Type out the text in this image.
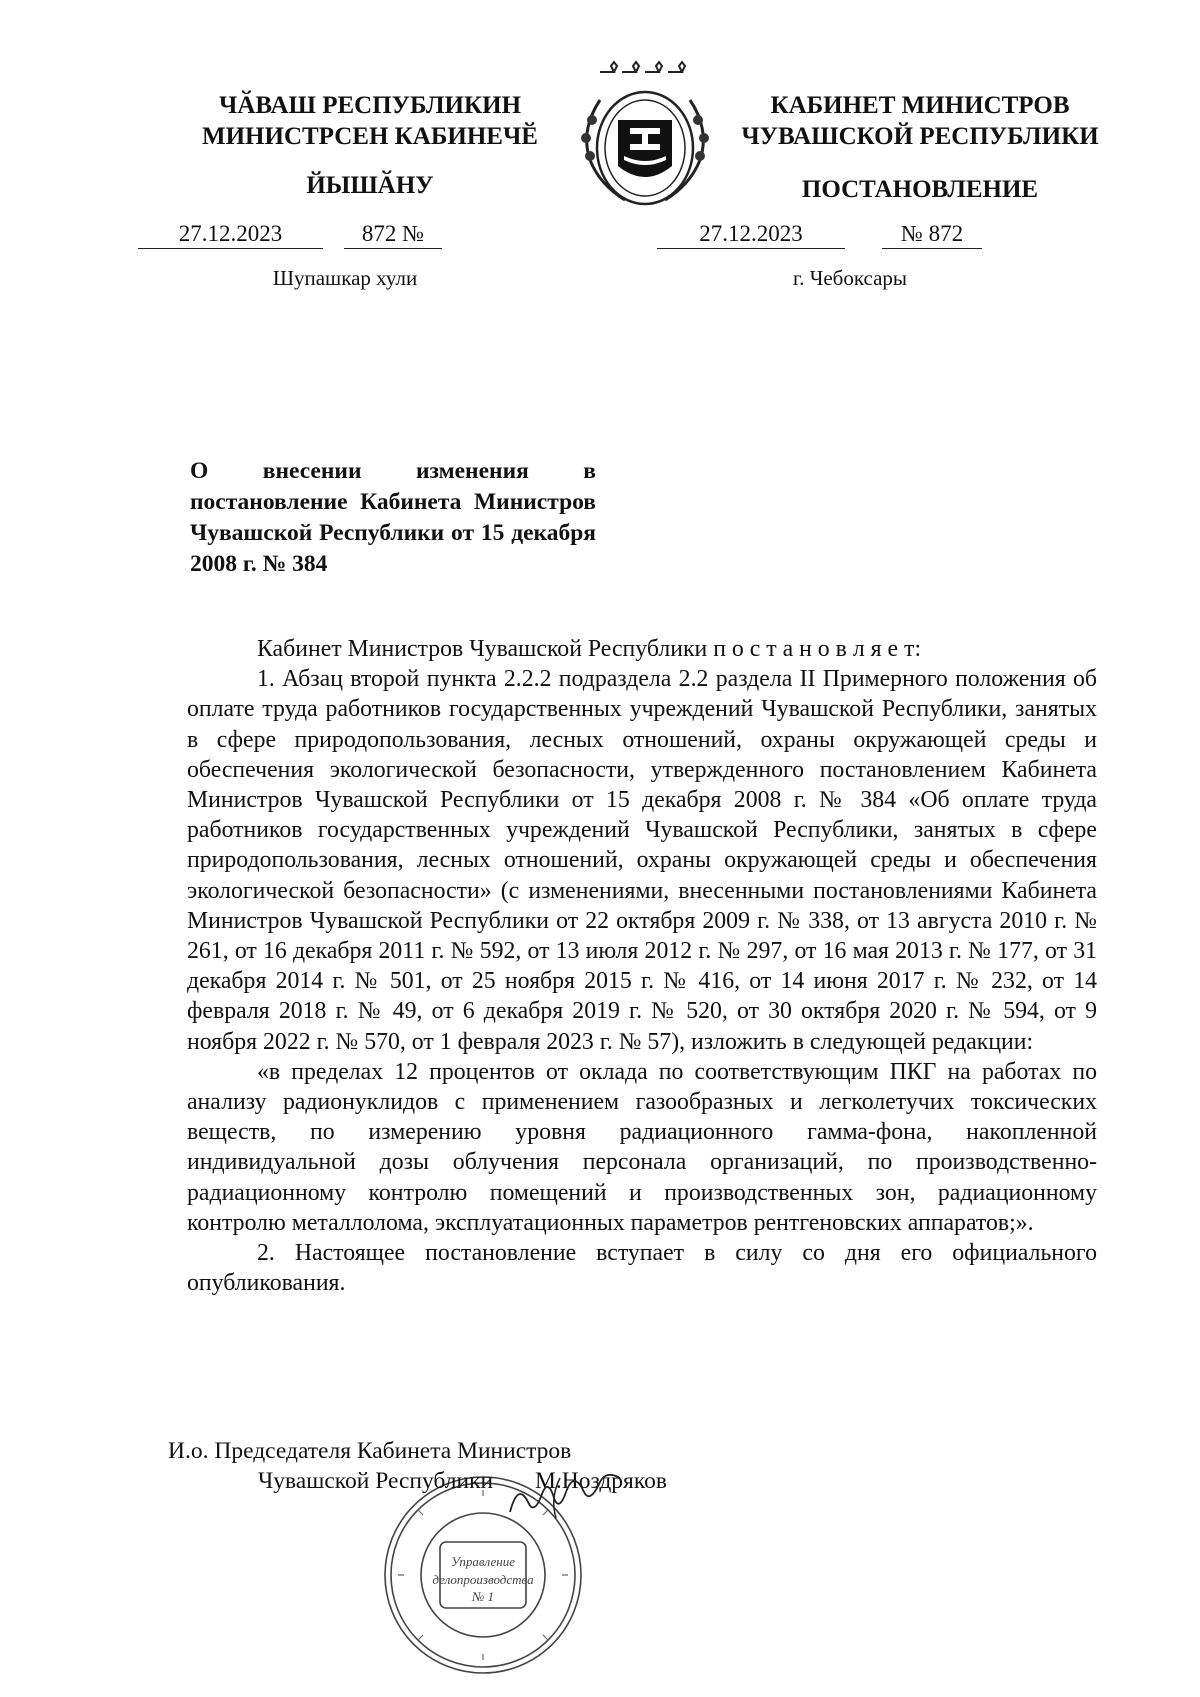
ЧӐВАШ РЕСПУБЛИКИН
МИНИСТРСЕН КАБИНЕЧӖ
ЙЫШӐНУ
КАБИНЕТ МИНИСТРОВ
ЧУВАШСКОЙ РЕСПУБЛИКИ
ПОСТАНОВЛЕНИЕ
27.12.2023	872 №	27.12.2023	№ 872
Шупашкар хули	г. Чебоксары
О внесении изменения в постановление Кабинета Министров Чувашской Республики от 15 декабря 2008 г. № 384

Кабинет Министров Чувашской Республики п о с т а н о в л я е т:

1. Абзац второй пункта 2.2.2 подраздела 2.2 раздела II Примерного положения об оплате труда работников государственных учреждений Чувашской Республики, занятых в сфере природопользования, лесных отношений, охраны окружающей среды и обеспечения экологической безопасности, утвержденного постановлением Кабинета Министров Чувашской Республики от 15 декабря 2008 г. № 384 «Об оплате труда работников государственных учреждений Чувашской Республики, занятых в сфере природопользования, лесных отношений, охраны окружающей среды и обеспечения экологической безопасности» (с изменениями, внесенными постановлениями Кабинета Министров Чувашской Республики от 22 октября 2009 г. № 338, от 13 августа 2010 г. № 261, от 16 декабря 2011 г. № 592, от 13 июля 2012 г. № 297, от 16 мая 2013 г. № 177, от 31 декабря 2014 г. № 501, от 25 ноября 2015 г. № 416, от 14 июня 2017 г. № 232, от 14 февраля 2018 г. № 49, от 6 декабря 2019 г. № 520, от 30 октября 2020 г. № 594, от 9 ноября 2022 г. № 570, от 1 февраля 2023 г. № 57), изложить в следующей редакции:

«в пределах 12 процентов от оклада по соответствующим ПКГ на работах по анализу радионуклидов с применением газообразных и легколетучих токсических веществ, по измерению уровня радиационного гамма-фона, накопленной индивидуальной дозы облучения персонала организаций, по производственно-радиационному контролю помещений и производственных зон, радиационному контролю металлолома, эксплуатационных параметров рентгеновских аппаратов;».

2. Настоящее постановление вступает в силу со дня его официального опубликования.

Управление
делопроизводства
№ 1
И.о. Председателя Кабинета Министров
Чувашской Республики М.Ноздряков
